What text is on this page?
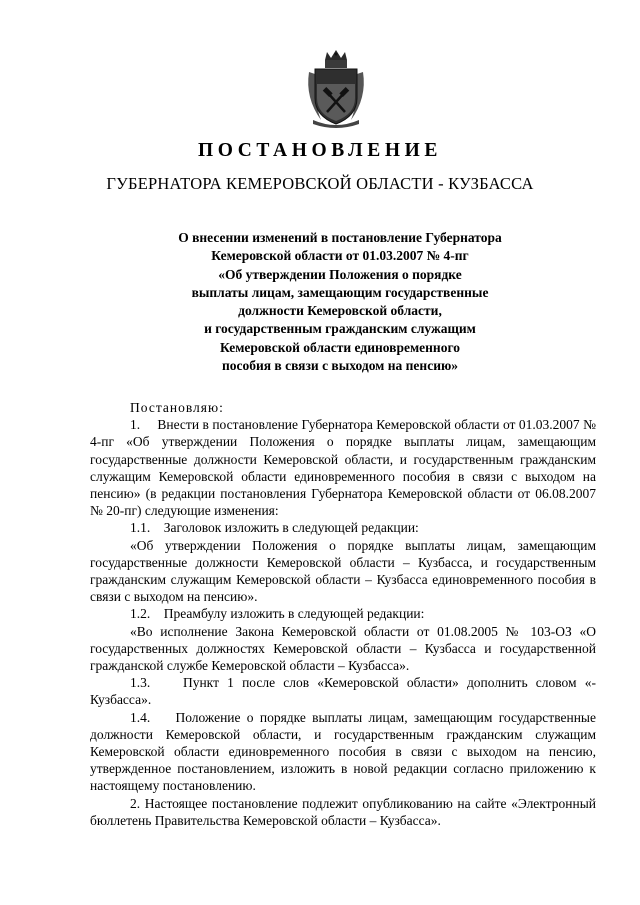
ПОСТАНОВЛЕНИЕ
ГУБЕРНАТОРА КЕМЕРОВСКОЙ ОБЛАСТИ - КУЗБАССА
О внесении изменений в постановление Губернатора
Кемеровской области от 01.03.2007 № 4-пг
«Об утверждении Положения о порядке
выплаты лицам, замещающим государственные
должности Кемеровской области,
и государственным гражданским служащим
Кемеровской области единовременного
пособия в связи с выходом на пенсию»

Постановляю:

1.     Внести в постановление Губернатора Кемеровской области от 01.03.2007 № 4-пг «Об утверждении Положения о порядке выплаты лицам, замещающим государственные должности Кемеровской области, и государственным гражданским служащим Кемеровской области единовременного пособия в связи с выходом на пенсию» (в редакции постановления Губернатора Кемеровской области от 06.08.2007 № 20-пг) следующие изменения:

1.1.    Заголовок изложить в следующей редакции:

«Об утверждении Положения о порядке выплаты лицам, замещающим государственные должности Кемеровской области – Кузбасса, и государственным гражданским служащим Кемеровской области – Кузбасса единовременного пособия в связи с выходом на пенсию».

1.2.    Преамбулу изложить в следующей редакции:

«Во исполнение Закона Кемеровской области от 01.08.2005 № 103-ОЗ «О государственных должностях Кемеровской области – Кузбасса и государственной гражданской службе Кемеровской области – Кузбасса».

1.3.    Пункт 1 после слов «Кемеровской области» дополнить словом «- Кузбасса».

1.4.    Положение о порядке выплаты лицам, замещающим государственные должности Кемеровской области, и государственным гражданским служащим Кемеровской области единовременного пособия в связи с выходом на пенсию, утвержденное постановлением, изложить в новой редакции согласно приложению к настоящему постановлению.

2. Настоящее постановление подлежит опубликованию на сайте «Электронный бюллетень Правительства Кемеровской области – Кузбасса».
